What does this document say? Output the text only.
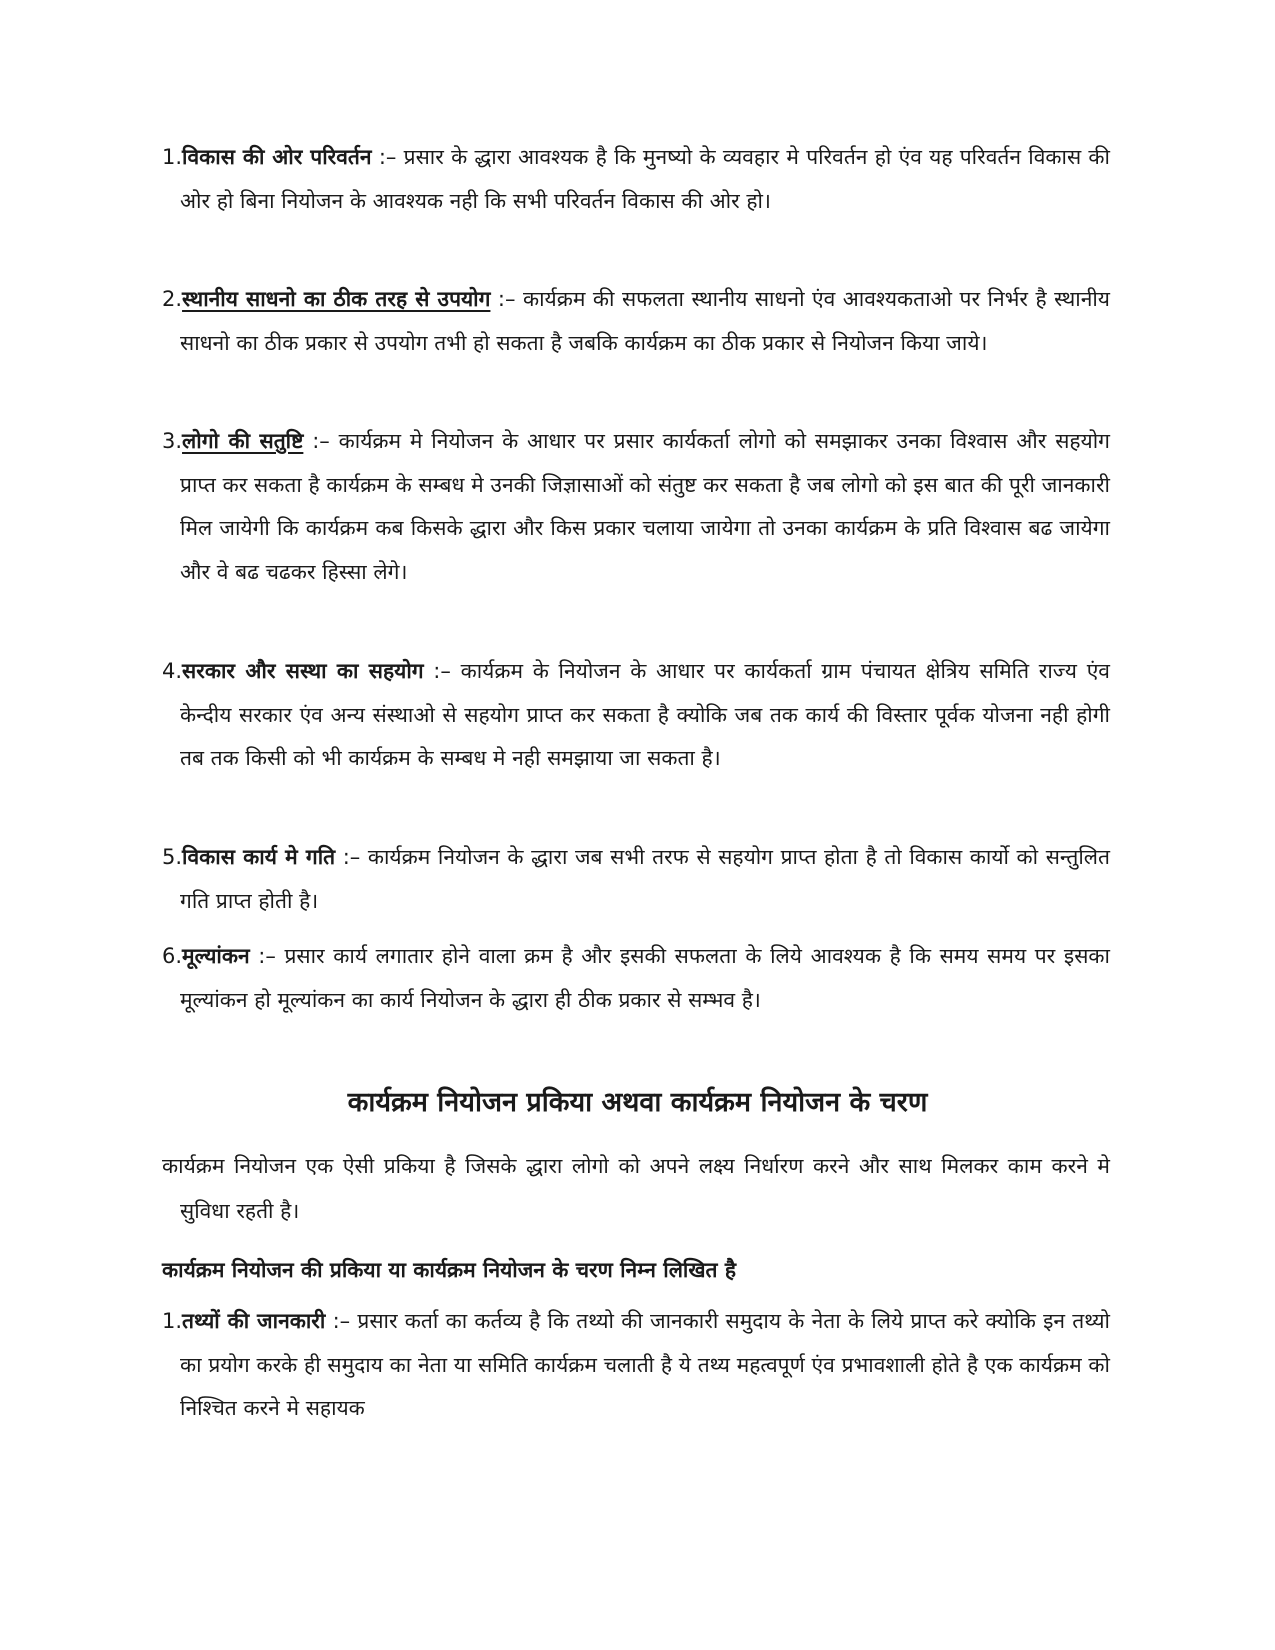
1.विकास की ओर परिवर्तन :– प्रसार के द्धारा आवश्यक है कि मुनष्यो के व्यवहार मे परिवर्तन हो एंव यह परिवर्तन विकास की ओर हो बिना नियोजन के आवश्यक नही कि सभी परिवर्तन विकास की ओर हो।
2.स्थानीय साधनो का ठीक तरह से उपयोग :– कार्यक्रम की सफलता स्थानीय साधनो एंव आवश्यकताओ पर निर्भर है स्थानीय साधनो का ठीक प्रकार से उपयोग तभी हो सकता है जबकि कार्यक्रम का ठीक प्रकार से नियोजन किया जाये।
3.लोगो की सतुष्टि :– कार्यक्रम मे नियोजन के आधार पर प्रसार कार्यकर्ता लोगो को समझाकर उनका विश्वास और सहयोग प्राप्त कर सकता है कार्यक्रम के सम्बध मे उनकी जिज्ञासाओं को संतुष्ट कर सकता है जब लोगो को इस बात की पूरी जानकारी मिल जायेगी कि कार्यक्रम कब किसके द्धारा और किस प्रकार चलाया जायेगा तो उनका कार्यक्रम के प्रति विश्वास बढ जायेगा और वे बढ चढकर हिस्सा लेगे।
4.सरकार और सस्था का सहयोग :– कार्यक्रम के नियोजन के आधार पर कार्यकर्ता ग्राम पंचायत क्षेत्रिय समिति राज्य एंव केन्दीय सरकार एंव अन्य संस्थाओ से सहयोग प्राप्त कर सकता है क्योकि जब तक कार्य की विस्तार पूर्वक योजना नही होगी तब तक किसी को भी कार्यक्रम के सम्बध मे नही समझाया जा सकता है।
5.विकास कार्य मे गति :– कार्यक्रम नियोजन के द्धारा जब सभी तरफ से सहयोग प्राप्त होता है तो विकास कार्यो को सन्तुलित गति प्राप्त होती है।
6.मूल्यांकन :– प्रसार कार्य लगातार होने वाला क्रम है और इसकी सफलता के लिये आवश्यक है कि समय समय पर इसका मूल्यांकन हो मूल्यांकन का कार्य नियोजन के द्धारा ही ठीक प्रकार से सम्भव है।
कार्यक्रम नियोजन प्रकिया अथवा कार्यक्रम नियोजन के चरण
कार्यक्रम नियोजन एक ऐसी प्रकिया है जिसके द्धारा लोगो को अपने लक्ष्य निर्धारण करने और साथ मिलकर काम करने मे सुविधा रहती है।
कार्यक्रम नियोजन की प्रकिया या कार्यक्रम नियोजन के चरण निम्न लिखित है
1.तथ्यों की जानकारी :– प्रसार कर्ता का कर्तव्य है कि तथ्यो की जानकारी समुदाय के नेता के लिये प्राप्त करे क्योकि इन तथ्यो का प्रयोग करके ही समुदाय का नेता या समिति कार्यक्रम चलाती है ये तथ्य महत्वपूर्ण एंव प्रभावशाली होते है एक कार्यक्रम को निश्चित करने मे सहायक
